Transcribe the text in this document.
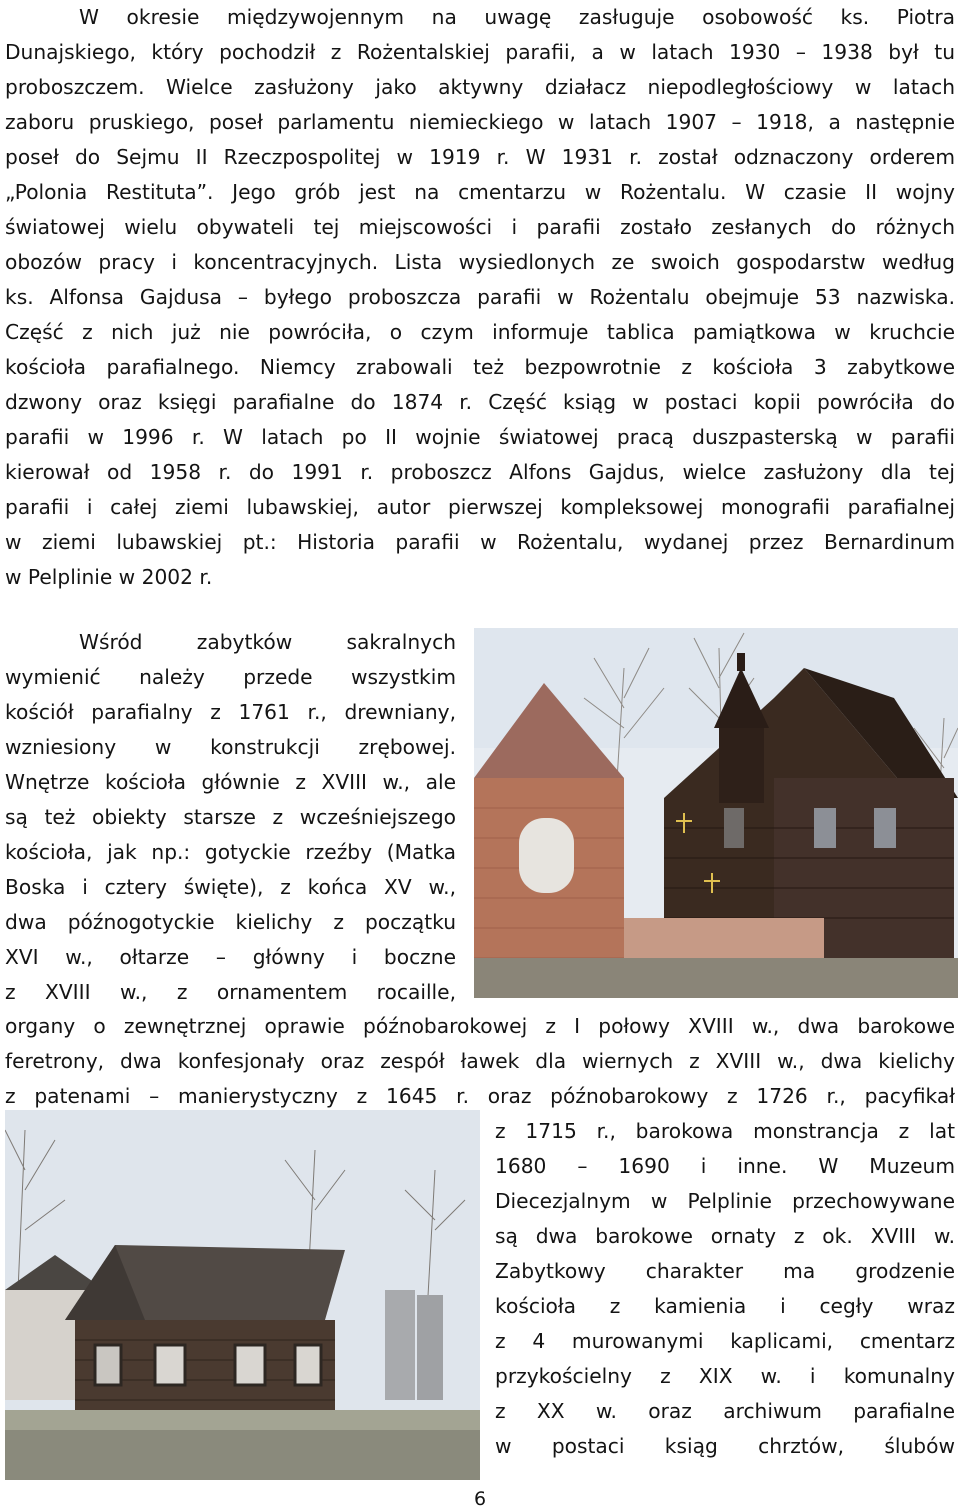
W okresie międzywojennym na uwagę zasługuje osobowość ks. Piotra
Dunajskiego, który pochodził z Rożentalskiej parafii, a w latach 1930 – 1938 był tu
proboszczem. Wielce zasłużony jako aktywny działacz niepodległościowy w latach
zaboru pruskiego, poseł parlamentu niemieckiego w latach 1907 – 1918, a następnie
poseł do Sejmu II Rzeczpospolitej w 1919 r. W 1931 r. został odznaczony orderem
„Polonia Restituta”. Jego grób jest na cmentarzu w Rożentalu. W czasie II wojny
światowej wielu obywateli tej miejscowości i parafii zostało zesłanych do różnych
obozów pracy i koncentracyjnych. Lista wysiedlonych ze swoich gospodarstw według
ks. Alfonsa Gajdusa – byłego proboszcza parafii w Rożentalu obejmuje 53 nazwiska.
Część z nich już nie powróciła, o czym informuje tablica pamiątkowa w kruchcie
kościoła parafialnego. Niemcy zrabowali też bezpowrotnie z kościoła 3 zabytkowe
dzwony oraz księgi parafialne do 1874 r. Część ksiąg w postaci kopii powróciła do
parafii w 1996 r. W latach po II wojnie światowej pracą duszpasterską w parafii
kierował od 1958 r. do 1991 r. proboszcz Alfons Gajdus, wielce zasłużony dla tej
parafii i całej ziemi lubawskiej, autor pierwszej kompleksowej monografii parafialnej
w ziemi lubawskiej pt.: Historia parafii w Rożentalu, wydanej przez Bernardinum
w Pelplinie w 2002 r.
Wśród zabytków sakralnych
wymienić należy przede wszystkim
kościół parafialny z 1761 r., drewniany,
wzniesiony w konstrukcji zrębowej.
Wnętrze kościoła głównie z XVIII w., ale
są też obiekty starsze z wcześniejszego
kościoła, jak np.: gotyckie rzeźby (Matka
Boska i cztery święte), z końca XV w.,
dwa późnogotyckie kielichy z początku
XVI w., ołtarze – główny i boczne
z XVIII w., z ornamentem rocaille,
organy o zewnętrznej oprawie późnobarokowej z I połowy XVIII w., dwa barokowe
feretrony, dwa konfesjonały oraz zespół ławek dla wiernych z XVIII w., dwa kielichy
z patenami – manierystyczny z 1645 r. oraz późnobarokowy z 1726 r., pacyfikał
z 1715 r., barokowa monstrancja z lat
1680 – 1690 i inne. W Muzeum
Diecezjalnym w Pelplinie przechowywane
są dwa barokowe ornaty z ok. XVIII w.
Zabytkowy charakter ma grodzenie
kościoła z kamienia i cegły wraz
z 4 murowanymi kaplicami, cmentarz
przykościelny z XIX w. i komunalny
z XX w. oraz archiwum parafialne
w postaci ksiąg chrztów, ślubów
6
